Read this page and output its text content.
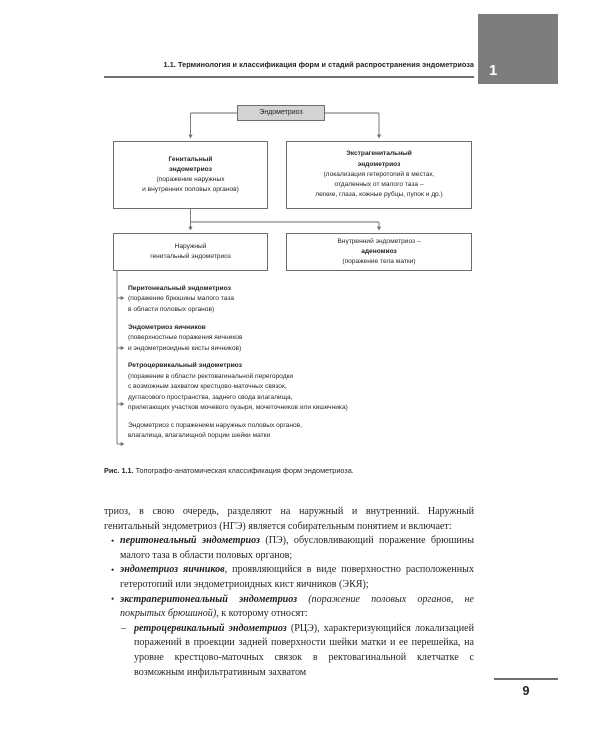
1
1.1. Терминология и классификация форм и стадий распространения эндометриоза
Эндометриоз
Генитальный
эндометриоз
(поражение наружных
и внутренних половых органов)
Экстрагенитальный
эндометриоз
(локализация гетеротопий в местах,
отдаленных от малого таза –
легкие, глаза, кожные рубцы, пупок и др.)
Наружный
генитальный эндометриоз
Внутренний эндометриоз –
аденомиоз
(поражение тела матки)
Перитонеальный эндометриоз
(поражение брюшины малого таза
в области половых органов)
Эндометриоз яичников
(поверхностные поражения яичников
и эндометриоидные кисты яичников)
Ретроцервикальный эндометриоз
(поражение в области ректовагинальной перегородки
с возможным захватом крестцово-маточных связок,
дугласового пространства, заднего свода влагалища,
прилегающих участков мочевого пузыря, мочеточников или кишечника)
Эндометриоз с поражением наружных половых органов,
влагалища, влагалищной порции шейки матки
Рис. 1.1. Топографо-анатомическая классификация форм эндометриоза.

триоз, в свою очередь, разделяют на наружный и внутренний. Наружный генитальный эндометриоз (НГЭ) является собирательным понятием и включает:

• перитонеальный эндометриоз (ПЭ), обусловливающий поражение брюшины малого таза в области половых органов;
• эндометриоз яичников, проявляющийся в виде поверхностно расположенных гетеротопий или эндометриоидных кист яичников (ЭКЯ);
• экстраперитонеальный эндометриоз (поражение половых органов, не покрытых брюшиной), к которому относят:
– ретроцервикальный эндометриоз (РЦЭ), характеризующийся локализацией поражений в проекции задней поверхности шейки матки и ее перешейка, на уровне крестцово-маточных связок в ректовагинальной клетчатке с возможным инфильтративным захватом
9
